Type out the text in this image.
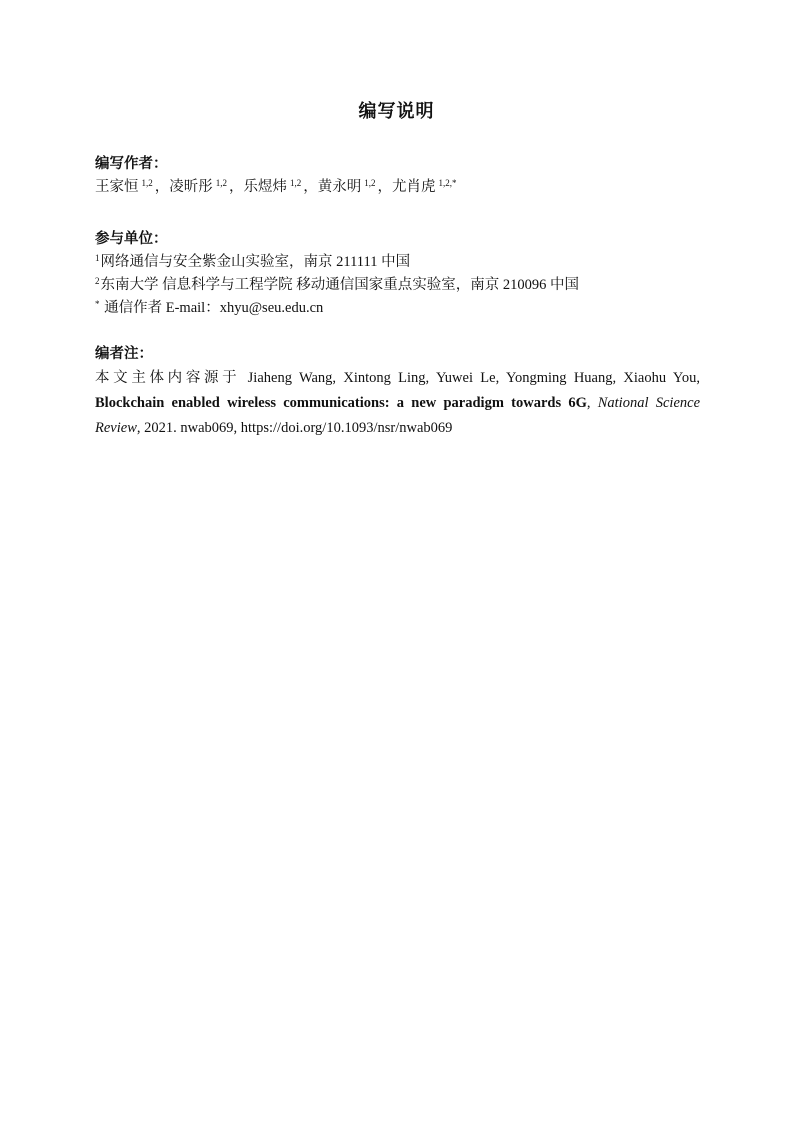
编写说明
编写作者：
王家恒 $^{1,2}$ ，凌昕彤 $^{1,2}$ ，乐煜炜 $^{1,2}$ ，黄永明 $^{1,2}$ ，尤肖虎 $^{1,2,*}$
参与单位：
$^1$网络通信与安全紫金山实验室，南京 211111 中国
$^2$东南大学 信息科学与工程学院 移动通信国家重点实验室，南京 210096 中国
* 通信作者 E-mail：xhyu@seu.edu.cn
编者注：
本文主体内容源于 Jiaheng Wang, Xintong Ling, Yuwei Le, Yongming Huang, Xiaohu You, Blockchain enabled wireless communications: a new paradigm towards 6G, National Science Review, 2021. nwab069, https://doi.org/10.1093/nsr/nwab069
